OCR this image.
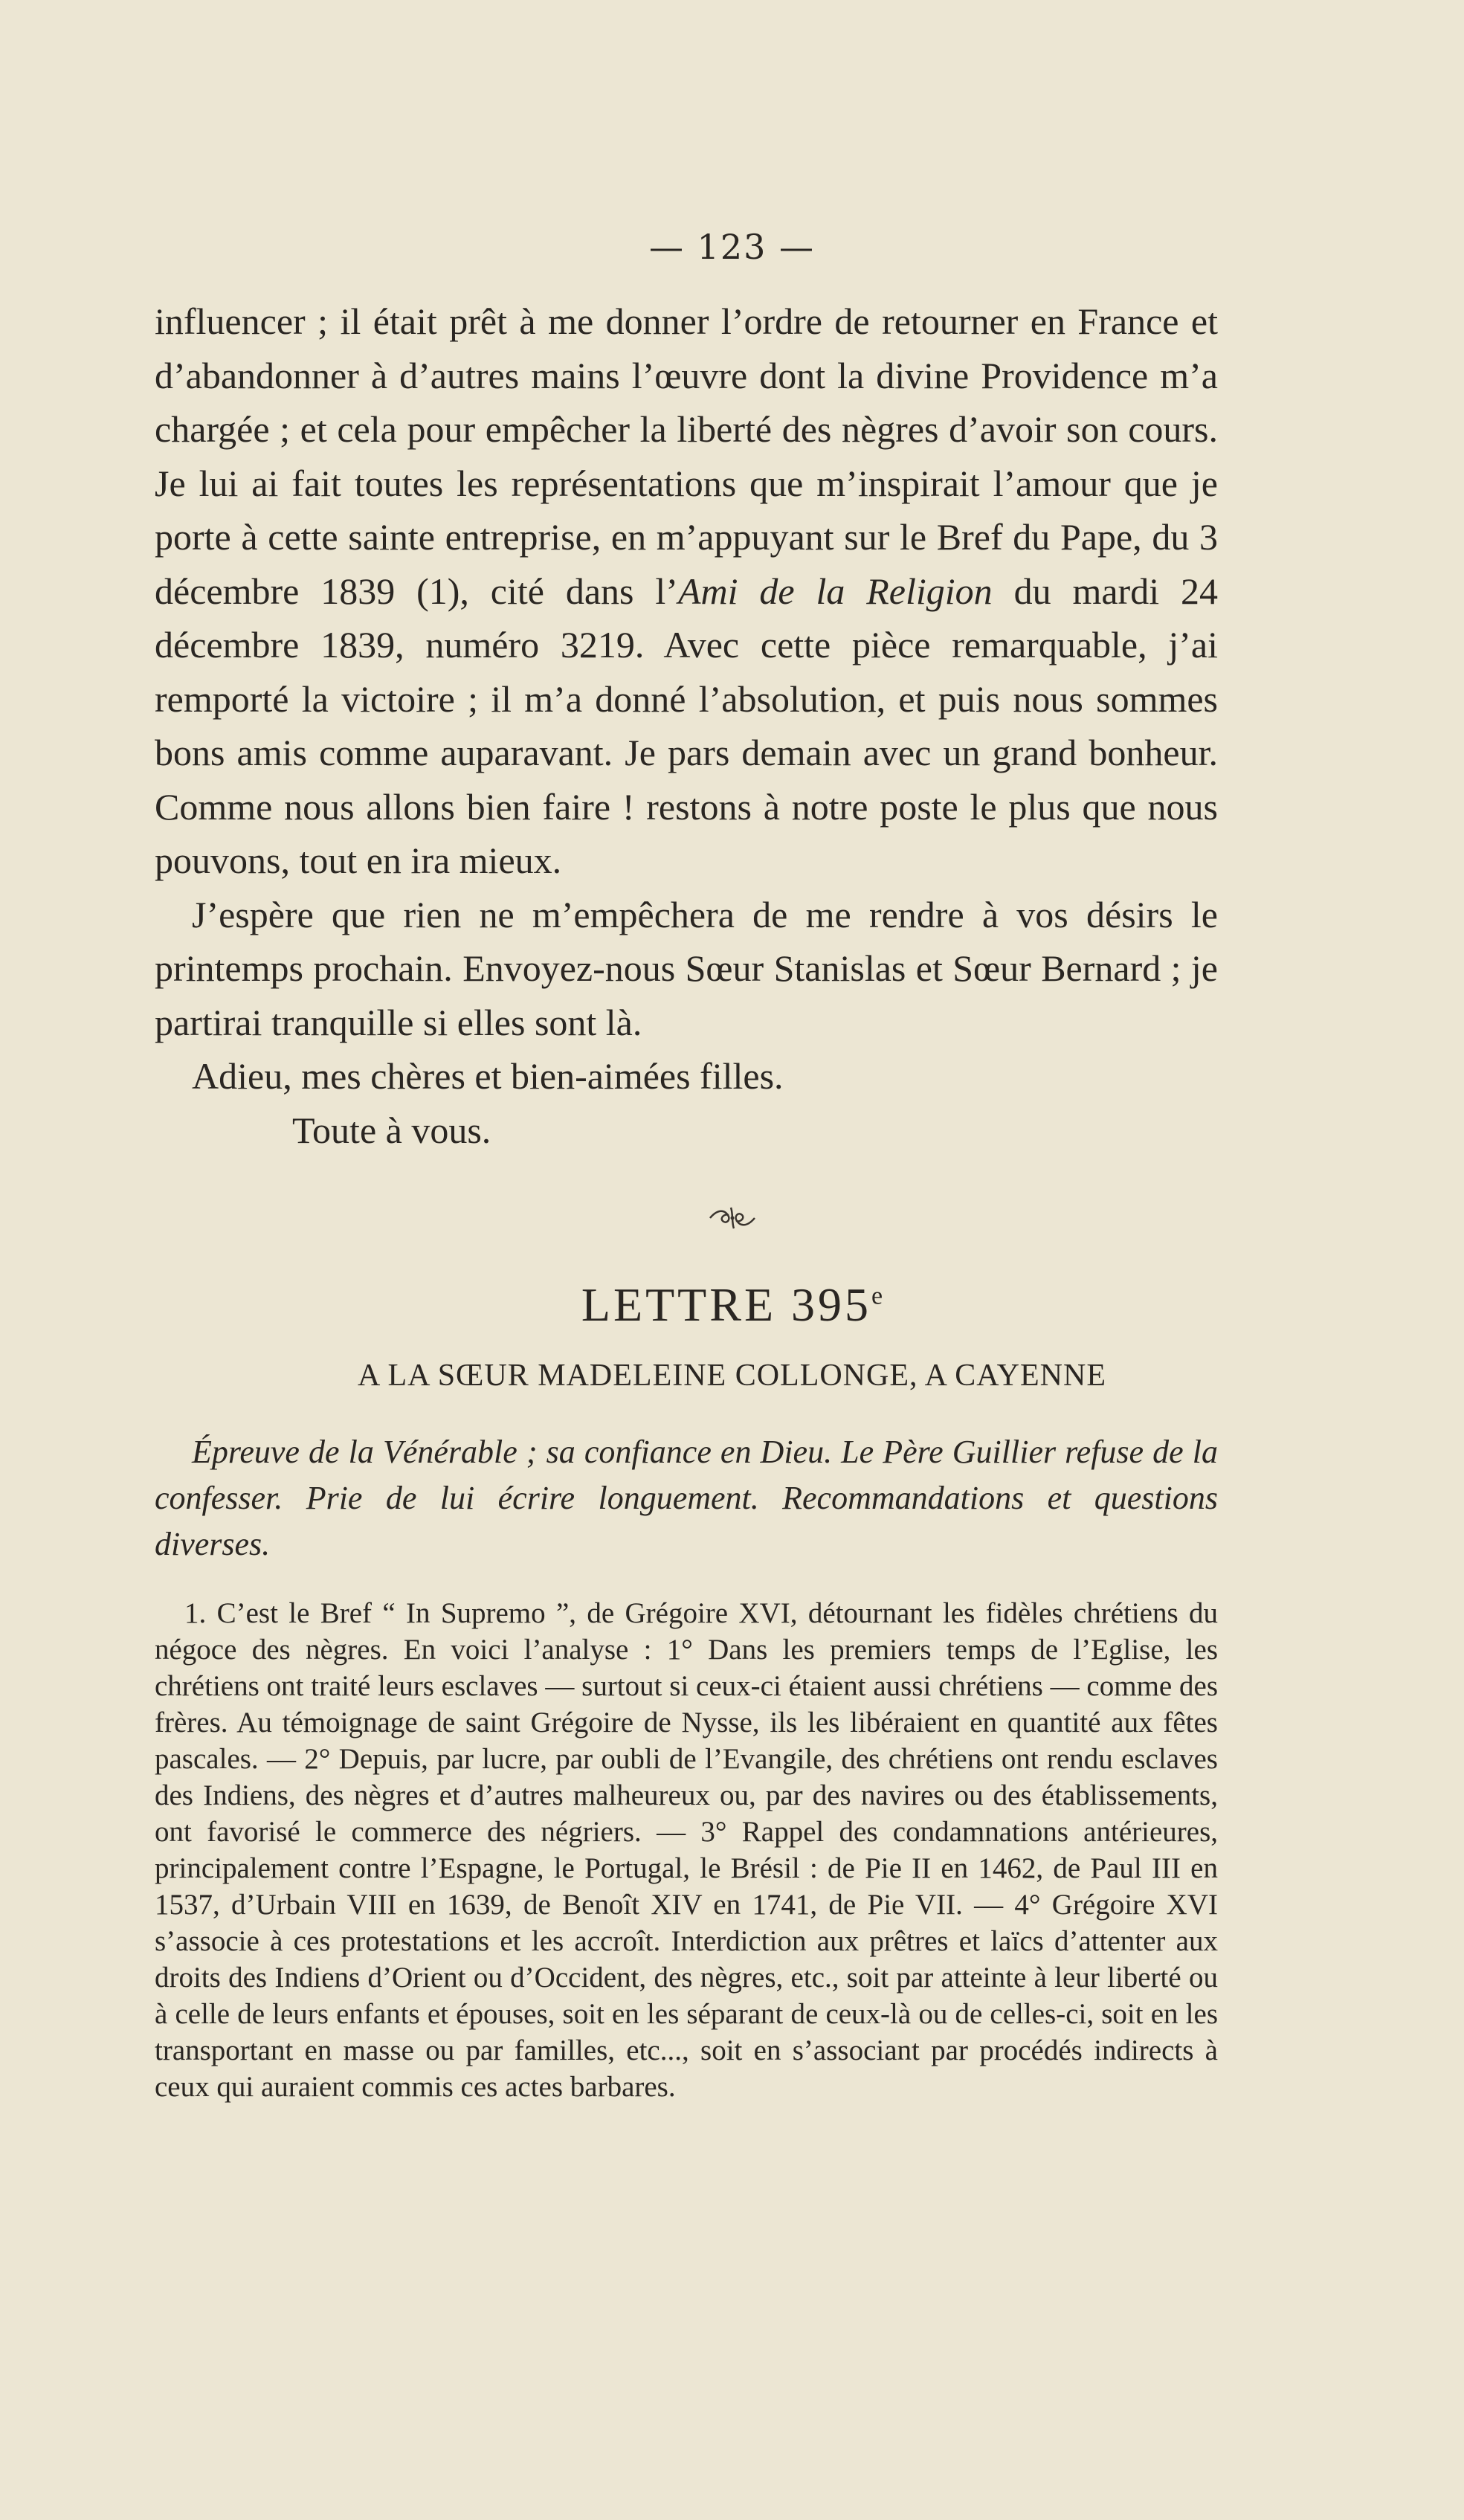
— 123 —

influencer ; il était prêt à me donner l’ordre de retourner en France et d’abandonner à d’autres mains l’œuvre dont la divine Providence m’a chargée ; et cela pour empêcher la liberté des nègres d’avoir son cours. Je lui ai fait toutes les représentations que m’inspirait l’amour que je porte à cette sainte entreprise, en m’appuyant sur le Bref du Pape, du 3 décembre 1839 (1), cité dans l’Ami de la Religion du mardi 24 décembre 1839, numéro 3219. Avec cette pièce remarquable, j’ai remporté la victoire ; il m’a donné l’absolution, et puis nous sommes bons amis comme auparavant. Je pars demain avec un grand bonheur. Comme nous allons bien faire ! restons à notre poste le plus que nous pouvons, tout en ira mieux.

J’espère que rien ne m’empêchera de me rendre à vos désirs le printemps prochain. Envoyez-nous Sœur Stanislas et Sœur Bernard ; je partirai tranquille si elles sont là.

Adieu, mes chères et bien-aimées filles.

Toute à vous.

LETTRE 395e
A LA SŒUR MADELEINE COLLONGE, A CAYENNE
Épreuve de la Vénérable ; sa confiance en Dieu. Le Père Guillier refuse de la confesser. Prie de lui écrire longuement. Recommandations et questions diverses.
1. C’est le Bref “ In Supremo ”, de Grégoire XVI, détournant les fidèles chrétiens du négoce des nègres. En voici l’analyse : 1° Dans les premiers temps de l’Eglise, les chrétiens ont traité leurs esclaves — surtout si ceux-ci étaient aussi chrétiens — comme des frères. Au témoignage de saint Grégoire de Nysse, ils les libéraient en quantité aux fêtes pascales. — 2° Depuis, par lucre, par oubli de l’Evangile, des chrétiens ont rendu esclaves des Indiens, des nègres et d’autres malheureux ou, par des navires ou des établissements, ont favorisé le commerce des négriers. — 3° Rappel des condamnations antérieures, principalement contre l’Espagne, le Portugal, le Brésil : de Pie II en 1462, de Paul III en 1537, d’Urbain VIII en 1639, de Benoît XIV en 1741, de Pie VII. — 4° Grégoire XVI s’associe à ces protestations et les accroît. Interdiction aux prêtres et laïcs d’attenter aux droits des Indiens d’Orient ou d’Occident, des nègres, etc., soit par atteinte à leur liberté ou à celle de leurs enfants et épouses, soit en les séparant de ceux-là ou de celles-ci, soit en les transportant en masse ou par familles, etc..., soit en s’associant par procédés indirects à ceux qui auraient commis ces actes barbares.
